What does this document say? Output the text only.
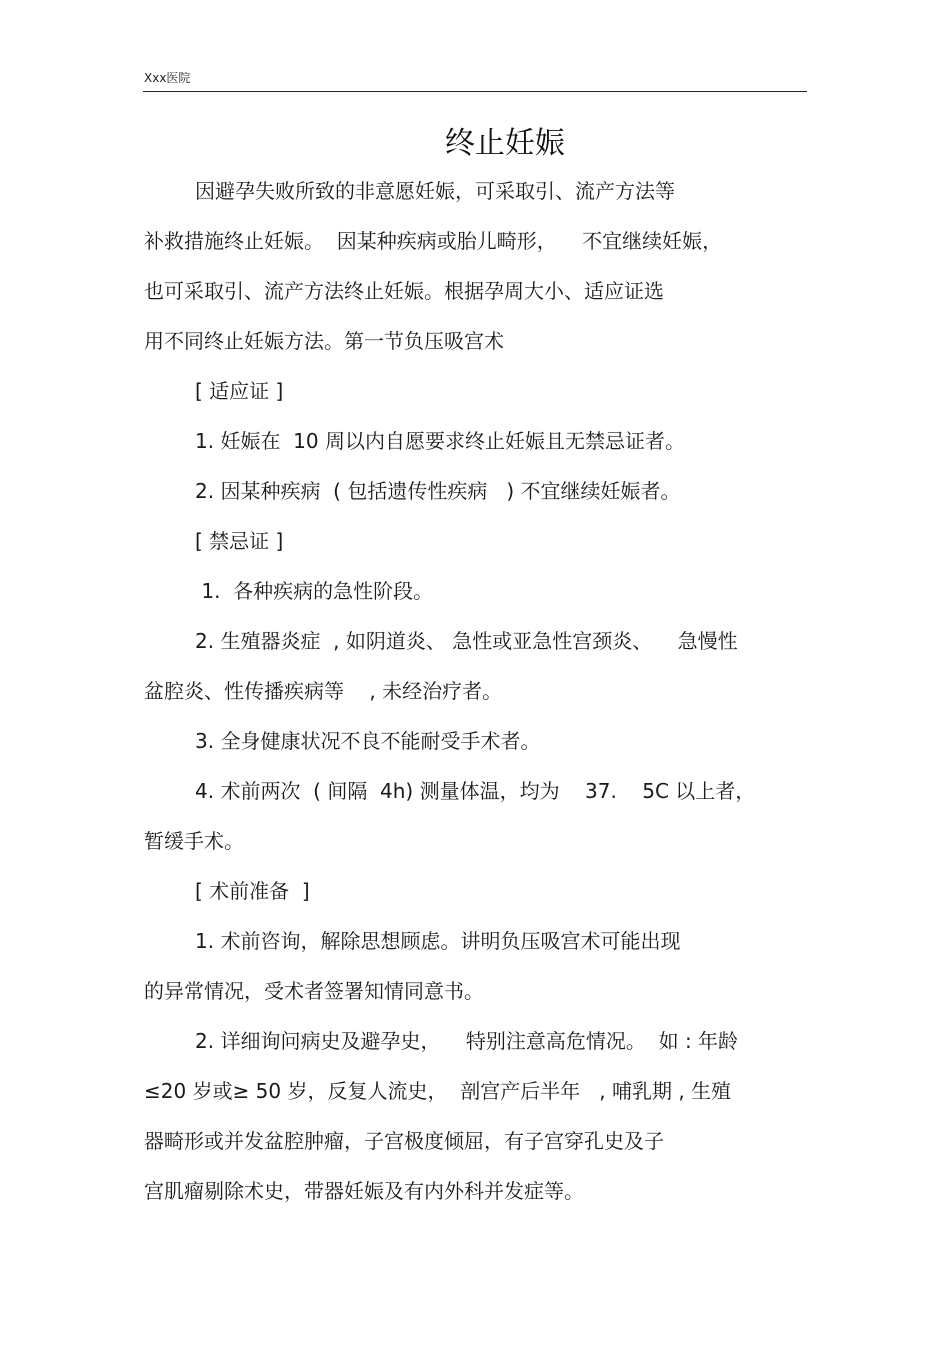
Xxx医院
终止妊娠
因避孕失败所致的非意愿妊娠，可采取引、流产方法等
补救措施终止妊娠。  因某种疾病或胎儿畸形，    不宜继续妊娠，
也可采取引、流产方法终止妊娠。根据孕周大小、适应证选
用不同终止妊娠方法。第一节负压吸宫术
[ 适应证 ]
1. 妊娠在  10 周以内自愿要求终止妊娠且无禁忌证者。
2. 因某种疾病  ( 包括遗传性疾病   ) 不宜继续妊娠者。
[ 禁忌证 ]
1.  各种疾病的急性阶段。
2. 生殖器炎症  , 如阴道炎、 急性或亚急性宫颈炎、    急慢性
盆腔炎、性传播疾病等    , 未经治疗者。
3. 全身健康状况不良不能耐受手术者。
4. 术前两次  ( 间隔  4h) 测量体温，均为    37.    5C 以上者，
暂缓手术。
[ 术前准备  ]
1. 术前咨询，解除思想顾虑。讲明负压吸宫术可能出现
的异常情况，受术者签署知情同意书。
2. 详细询问病史及避孕史，    特别注意高危情况。  如 : 年龄
≤20 岁或≥ 50 岁，反复人流史，  剖宫产后半年   , 哺乳期 , 生殖
器畸形或并发盆腔肿瘤，子宫极度倾屈，有子宫穿孔史及子
宫肌瘤剔除术史，带器妊娠及有内外科并发症等。
